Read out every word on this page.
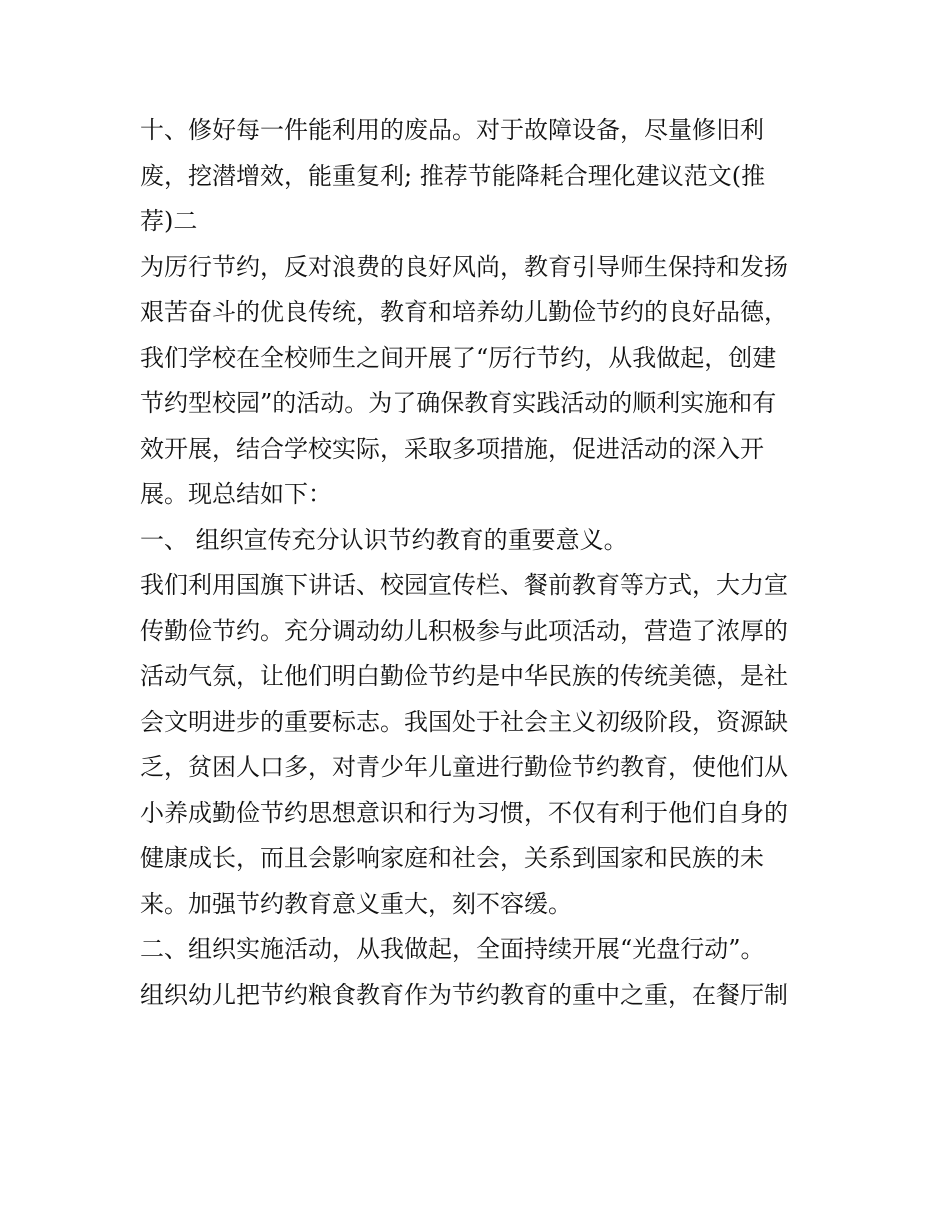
十、修好每一件能利用的废品。对于故障设备，尽量修旧利
废，挖潜增效，能重复利; 推荐节能降耗合理化建议范文(推
荐)二
为厉行节约，反对浪费的良好风尚，教育引导师生保持和发扬
艰苦奋斗的优良传统，教育和培养幼儿勤俭节约的良好品德，
我们学校在全校师生之间开展了“厉行节约，从我做起，创建
节约型校园”的活动。为了确保教育实践活动的顺利实施和有
效开展，结合学校实际，采取多项措施，促进活动的深入开
展。现总结如下：
一、 组织宣传充分认识节约教育的重要意义。
我们利用国旗下讲话、校园宣传栏、餐前教育等方式，大力宣
传勤俭节约。充分调动幼儿积极参与此项活动，营造了浓厚的
活动气氛，让他们明白勤俭节约是中华民族的传统美德，是社
会文明进步的重要标志。我国处于社会主义初级阶段，资源缺
乏，贫困人口多，对青少年儿童进行勤俭节约教育，使他们从
小养成勤俭节约思想意识和行为习惯，不仅有利于他们自身的
健康成长，而且会影响家庭和社会，关系到国家和民族的未
来。加强节约教育意义重大，刻不容缓。
二、组织实施活动，从我做起，全面持续开展“光盘行动”。
组织幼儿把节约粮食教育作为节约教育的重中之重，在餐厅制
